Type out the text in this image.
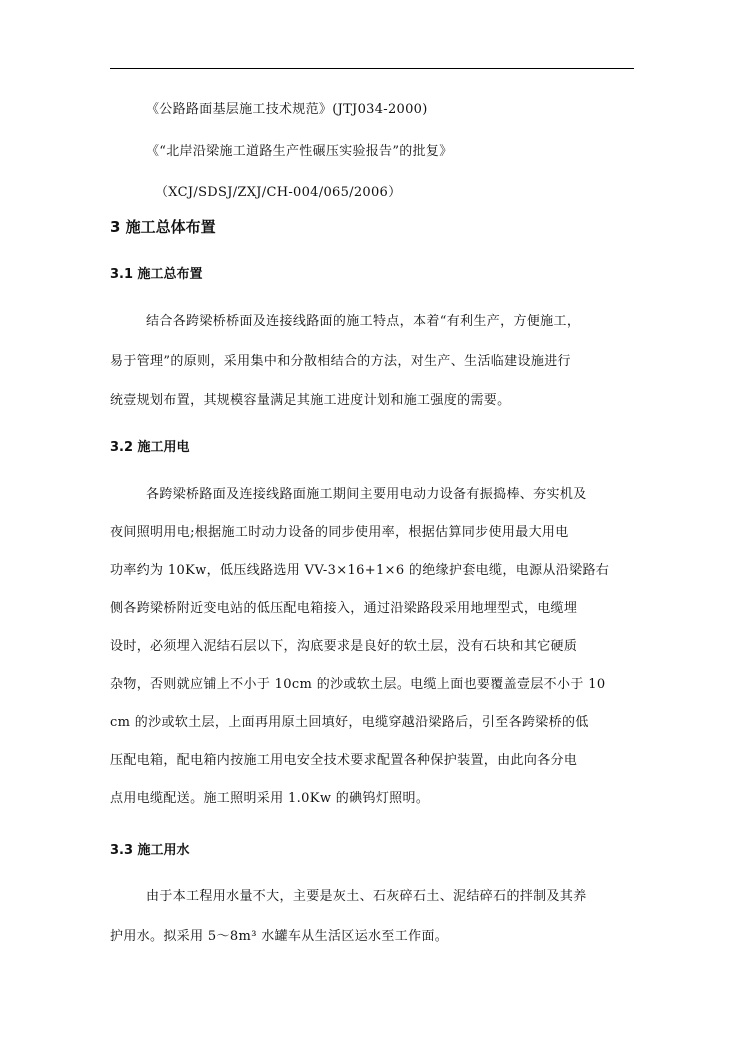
《公路路面基层施工技术规范》(JTJ034-2000)
《“北岸沿梁施工道路生产性碾压实验报告”的批复》
（XCJ/SDSJ/ZXJ/CH-004/065/2006）
3 施工总体布置
3.1 施工总布置
结合各跨梁桥桥面及连接线路面的施工特点，本着“有利生产，方便施工，
易于管理”的原则，采用集中和分散相结合的方法，对生产、生活临建设施进行
统壹规划布置，其规模容量满足其施工进度计划和施工强度的需要。
3.2 施工用电
各跨梁桥路面及连接线路面施工期间主要用电动力设备有振捣棒、夯实机及
夜间照明用电;根据施工时动力设备的同步使用率，根据估算同步使用最大用电
功率约为 10Kw，低压线路选用 VV-3×16+1×6 的绝缘护套电缆，电源从沿梁路右
侧各跨梁桥附近变电站的低压配电箱接入，通过沿梁路段采用地埋型式，电缆埋
设时，必须埋入泥结石层以下，沟底要求是良好的软土层，没有石块和其它硬质
杂物，否则就应铺上不小于 10cm 的沙或软土层。电缆上面也要覆盖壹层不小于 10
cm 的沙或软土层，上面再用原土回填好，电缆穿越沿梁路后，引至各跨梁桥的低
压配电箱，配电箱内按施工用电安全技术要求配置各种保护装置，由此向各分电
点用电缆配送。施工照明采用 1.0Kw 的碘钨灯照明。
3.3 施工用水
由于本工程用水量不大，主要是灰土、石灰碎石土、泥结碎石的拌制及其养
护用水。拟采用 5～8m³ 水罐车从生活区运水至工作面。
